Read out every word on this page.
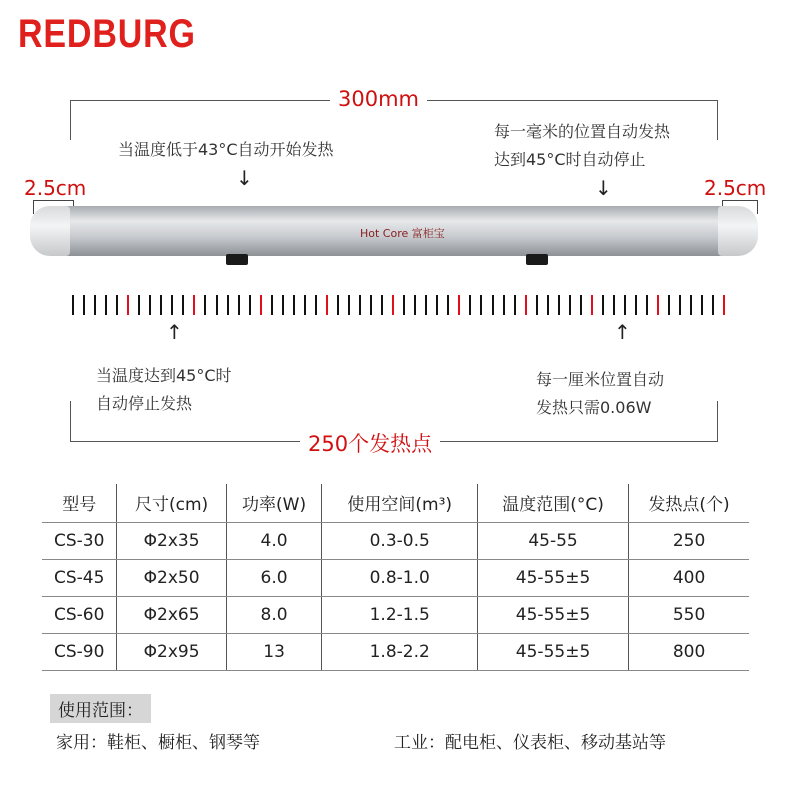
REDBURG
300mm
当温度低于43°C自动开始发热
↓
每一毫米的位置自动发热
达到45°C时自动停止
↓
2.5cm	2.5cm
Hot Core 富柜宝
↑	↑
当温度达到45°C时
自动停止发热
每一厘米位置自动
发热只需0.06W
250个发热点
型号	尺寸(cm)	功率(W)	使用空间(m³)	温度范围(°C)	发热点(个)
CS-30	Φ2x35	4.0	0.3-0.5	45-55	250
CS-45	Φ2x50	6.0	0.8-1.0	45-55±5	400
CS-60	Φ2x65	8.0	1.2-1.5	45-55±5	550
CS-90	Φ2x95	13	1.8-2.2	45-55±5	800
使用范围：
家用：鞋柜、橱柜、钢琴等	工业：配电柜、仪表柜、移动基站等
